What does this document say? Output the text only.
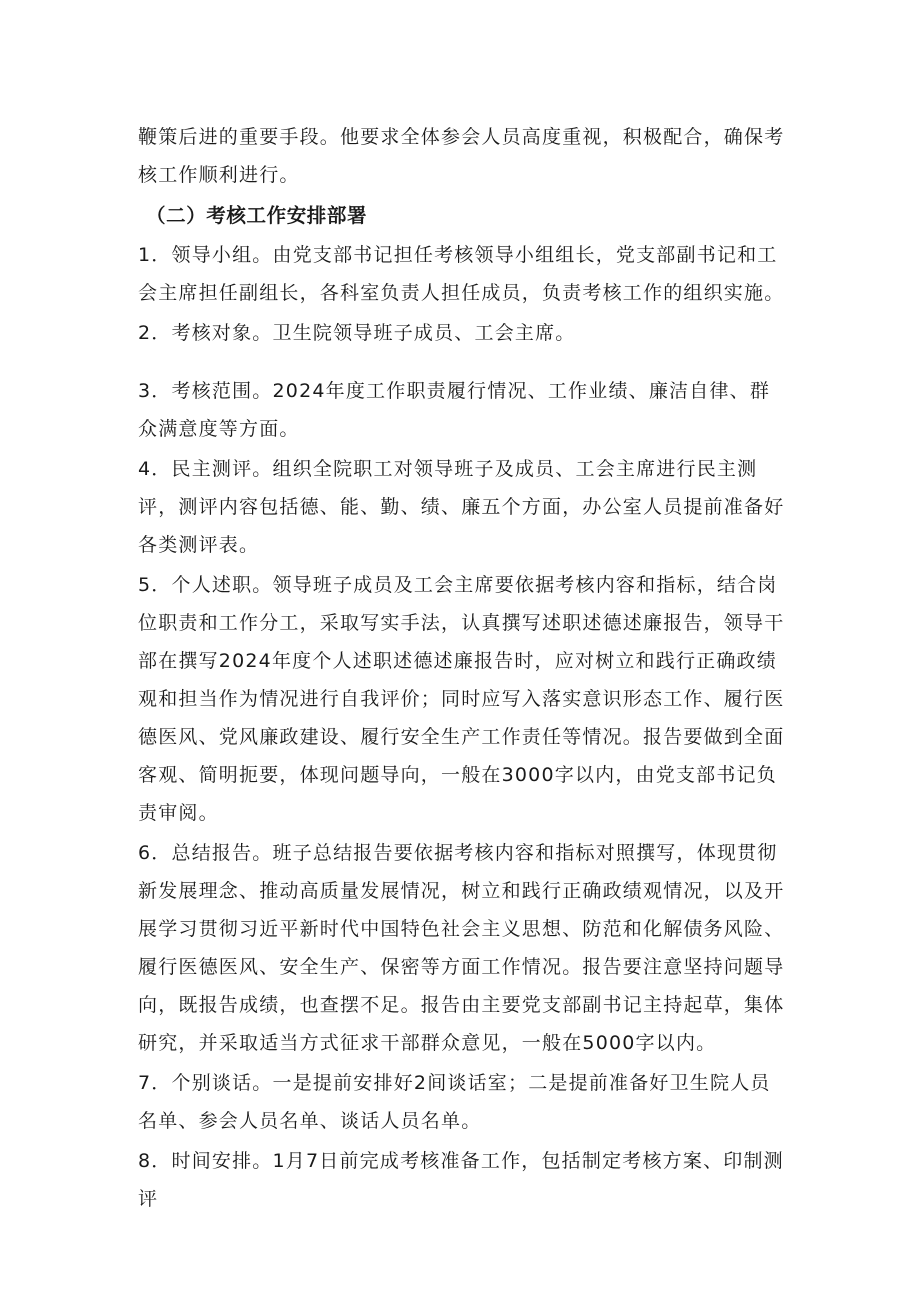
鞭策后进的重要手段。他要求全体参会人员高度重视，积极配合，确保考核工作顺利进行。

（二）考核工作安排部署

1．领导小组。由党支部书记担任考核领导小组组长，党支部副书记和工会主席担任副组长，各科室负责人担任成员，负责考核工作的组织实施。

2．考核对象。卫生院领导班子成员、工会主席。

3．考核范围。2024年度工作职责履行情况、工作业绩、廉洁自律、群众满意度等方面。

4．民主测评。组织全院职工对领导班子及成员、工会主席进行民主测评，测评内容包括德、能、勤、绩、廉五个方面，办公室人员提前准备好各类测评表。

5．个人述职。领导班子成员及工会主席要依据考核内容和指标，结合岗位职责和工作分工，采取写实手法，认真撰写述职述德述廉报告，领导干部在撰写2024年度个人述职述德述廉报告时，应对树立和践行正确政绩观和担当作为情况进行自我评价；同时应写入落实意识形态工作、履行医德医风、党风廉政建设、履行安全生产工作责任等情况。报告要做到全面客观、简明扼要，体现问题导向，一般在3000字以内，由党支部书记负责审阅。

6．总结报告。班子总结报告要依据考核内容和指标对照撰写，体现贯彻新发展理念、推动高质量发展情况，树立和践行正确政绩观情况，以及开展学习贯彻习近平新时代中国特色社会主义思想、防范和化解债务风险、履行医德医风、安全生产、保密等方面工作情况。报告要注意坚持问题导向，既报告成绩，也查摆不足。报告由主要党支部副书记主持起草，集体研究，并采取适当方式征求干部群众意见，一般在5000字以内。

7．个别谈话。一是提前安排好2间谈话室；二是提前准备好卫生院人员名单、参会人员名单、谈话人员名单。

8．时间安排。1月7日前完成考核准备工作，包括制定考核方案、印制测评
